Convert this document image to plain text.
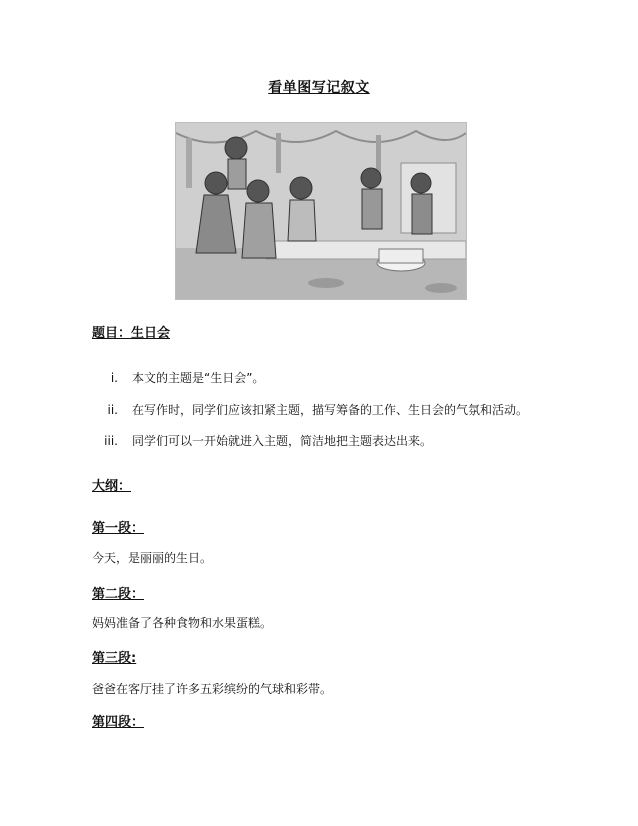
看单图写记叙文
题目：生日会
i. 本文的主题是“生日会”。
ii. 在写作时，同学们应该扣紧主题，描写筹备的工作、生日会的气氛和活动。
iii. 同学们可以一开始就进入主题，简洁地把主题表达出来。
大纲：
第一段：
今天，是丽丽的生日。
第二段：
妈妈准备了各种食物和水果蛋糕。
第三段:
爸爸在客厅挂了许多五彩缤纷的气球和彩带。
第四段：
